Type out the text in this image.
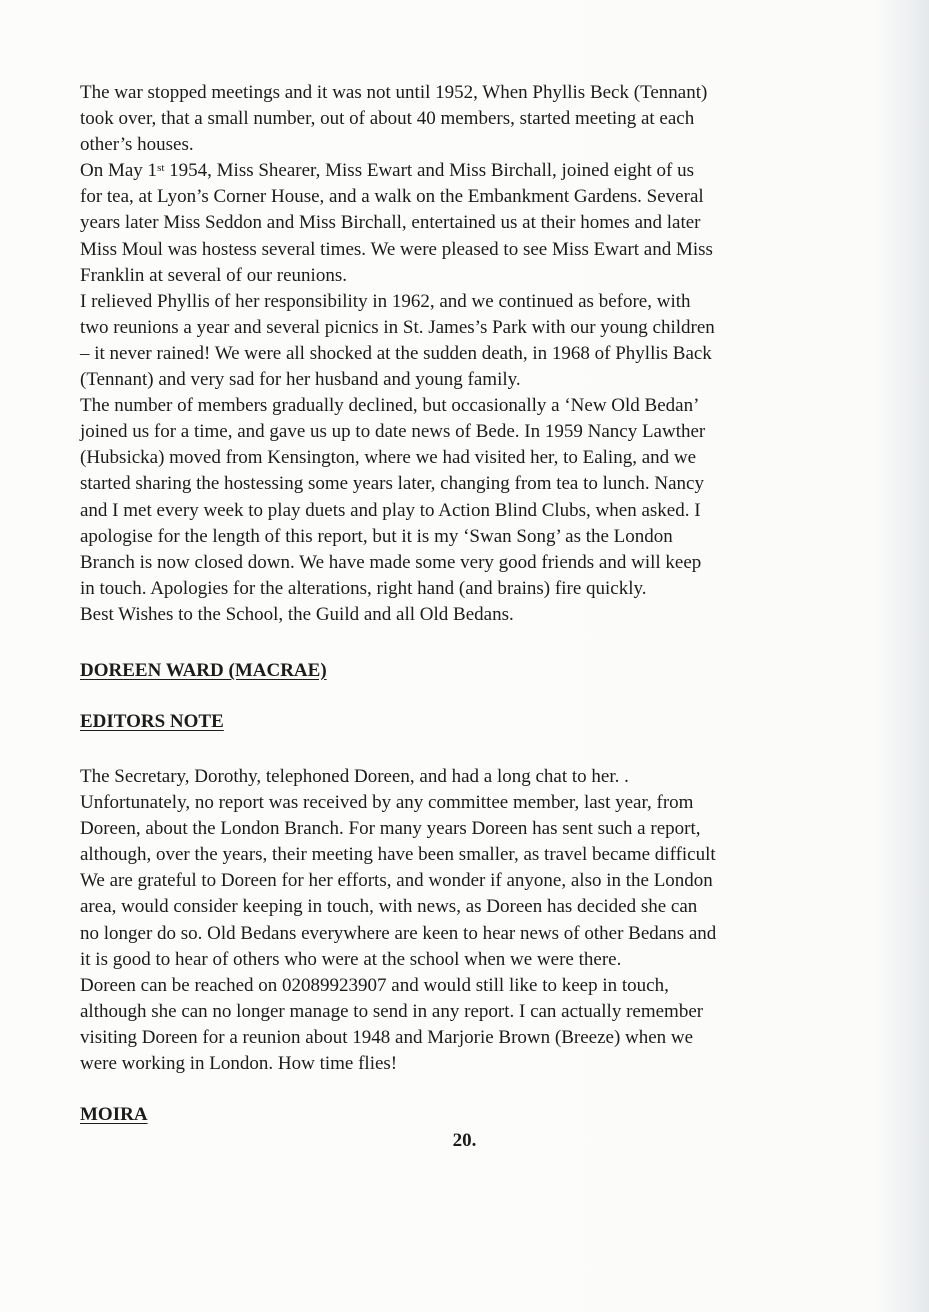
The war stopped meetings and it was not until 1952, When Phyllis Beck (Tennant)

took over, that a small number, out of about 40 members, started meeting at each

other’s houses.

On May 1st 1954, Miss Shearer, Miss Ewart and Miss Birchall, joined eight of us

for tea, at Lyon’s Corner House, and a walk on the Embankment Gardens. Several

years later Miss Seddon and Miss Birchall, entertained us at their homes and later

Miss Moul was hostess several times. We were pleased to see Miss Ewart and Miss

Franklin at several of our reunions.

I relieved Phyllis of her responsibility in 1962, and we continued as before, with

two reunions a year and several picnics in St. James’s Park with our young children

– it never rained! We were all shocked at the sudden death, in 1968 of Phyllis Back

(Tennant) and very sad for her husband and young family.

The number of members gradually declined, but occasionally a ‘New Old Bedan’

joined us for a time, and gave us up to date news of Bede. In 1959 Nancy Lawther

(Hubsicka) moved from Kensington, where we had visited her, to Ealing, and we

started sharing the hostessing some years later, changing from tea to lunch. Nancy

and I met every week to play duets and play to Action Blind Clubs, when asked. I

apologise for the length of this report, but it is my ‘Swan Song’ as the London

Branch is now closed down. We have made some very good friends and will keep

in touch. Apologies for the alterations, right hand (and brains) fire quickly.

Best Wishes to the School, the Guild and all Old Bedans.

DOREEN WARD (MACRAE)
EDITORS NOTE

The Secretary, Dorothy, telephoned Doreen, and had a long chat to her. .

Unfortunately, no report was received by any committee member, last year, from

Doreen, about the London Branch. For many years Doreen has sent such a report,

although, over the years, their meeting have been smaller, as travel became difficult

We are grateful to Doreen for her efforts, and wonder if anyone, also in the London

area, would consider keeping in touch, with news, as Doreen has decided she can

no longer do so. Old Bedans everywhere are keen to hear news of other Bedans and

it is good to hear of others who were at the school when we were there.

Doreen can be reached on 02089923907 and would still like to keep in touch,

although she can no longer manage to send in any report. I can actually remember

visiting Doreen for a reunion about 1948 and Marjorie Brown (Breeze) when we

were working in London. How time flies!

MOIRA
20.
